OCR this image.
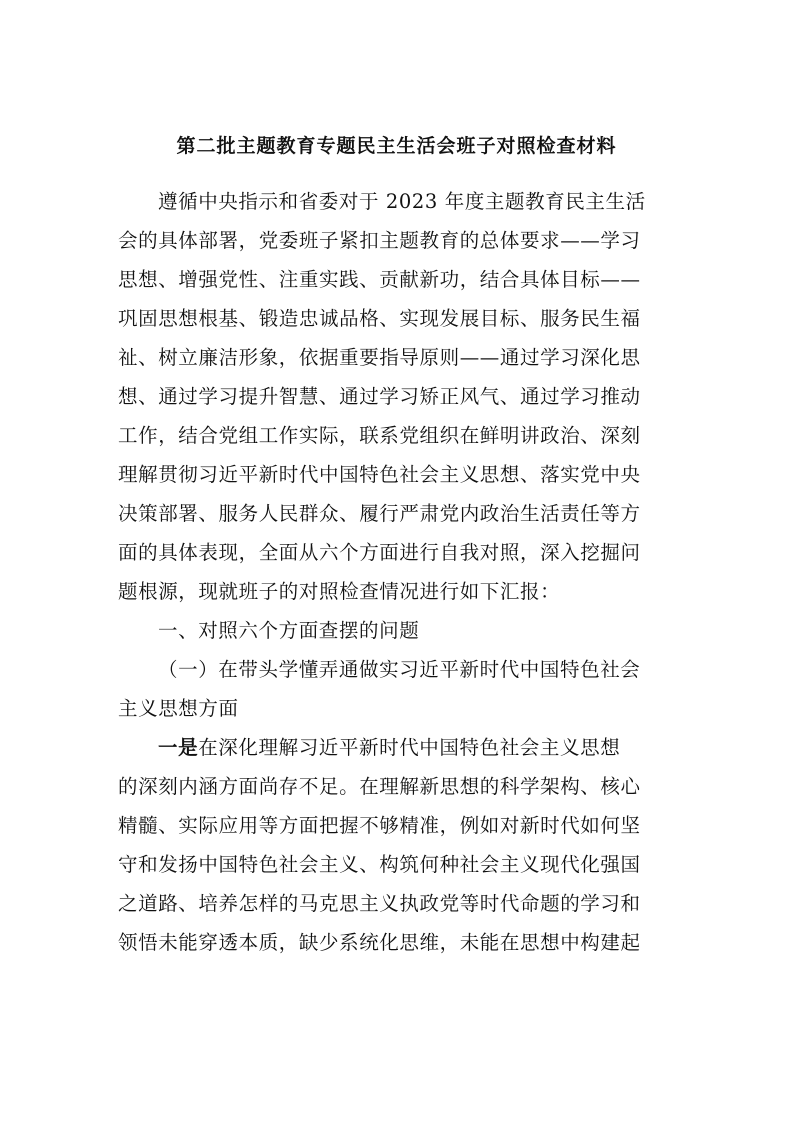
第二批主题教育专题民主生活会班子对照检查材料
遵循中央指示和省委对于 2023 年度主题教育民主生活
会的具体部署，党委班子紧扣主题教育的总体要求——学习
思想、增强党性、注重实践、贡献新功，结合具体目标——
巩固思想根基、锻造忠诚品格、实现发展目标、服务民生福
祉、树立廉洁形象，依据重要指导原则——通过学习深化思
想、通过学习提升智慧、通过学习矫正风气、通过学习推动
工作，结合党组工作实际，联系党组织在鲜明讲政治、深刻
理解贯彻习近平新时代中国特色社会主义思想、落实党中央
决策部署、服务人民群众、履行严肃党内政治生活责任等方
面的具体表现，全面从六个方面进行自我对照，深入挖掘问
题根源，现就班子的对照检查情况进行如下汇报：
一、对照六个方面查摆的问题
（一）在带头学懂弄通做实习近平新时代中国特色社会
主义思想方面
一是在深化理解习近平新时代中国特色社会主义思想
的深刻内涵方面尚存不足。在理解新思想的科学架构、核心
精髓、实际应用等方面把握不够精准，例如对新时代如何坚
守和发扬中国特色社会主义、构筑何种社会主义现代化强国
之道路、培养怎样的马克思主义执政党等时代命题的学习和
领悟未能穿透本质，缺少系统化思维，未能在思想中构建起
